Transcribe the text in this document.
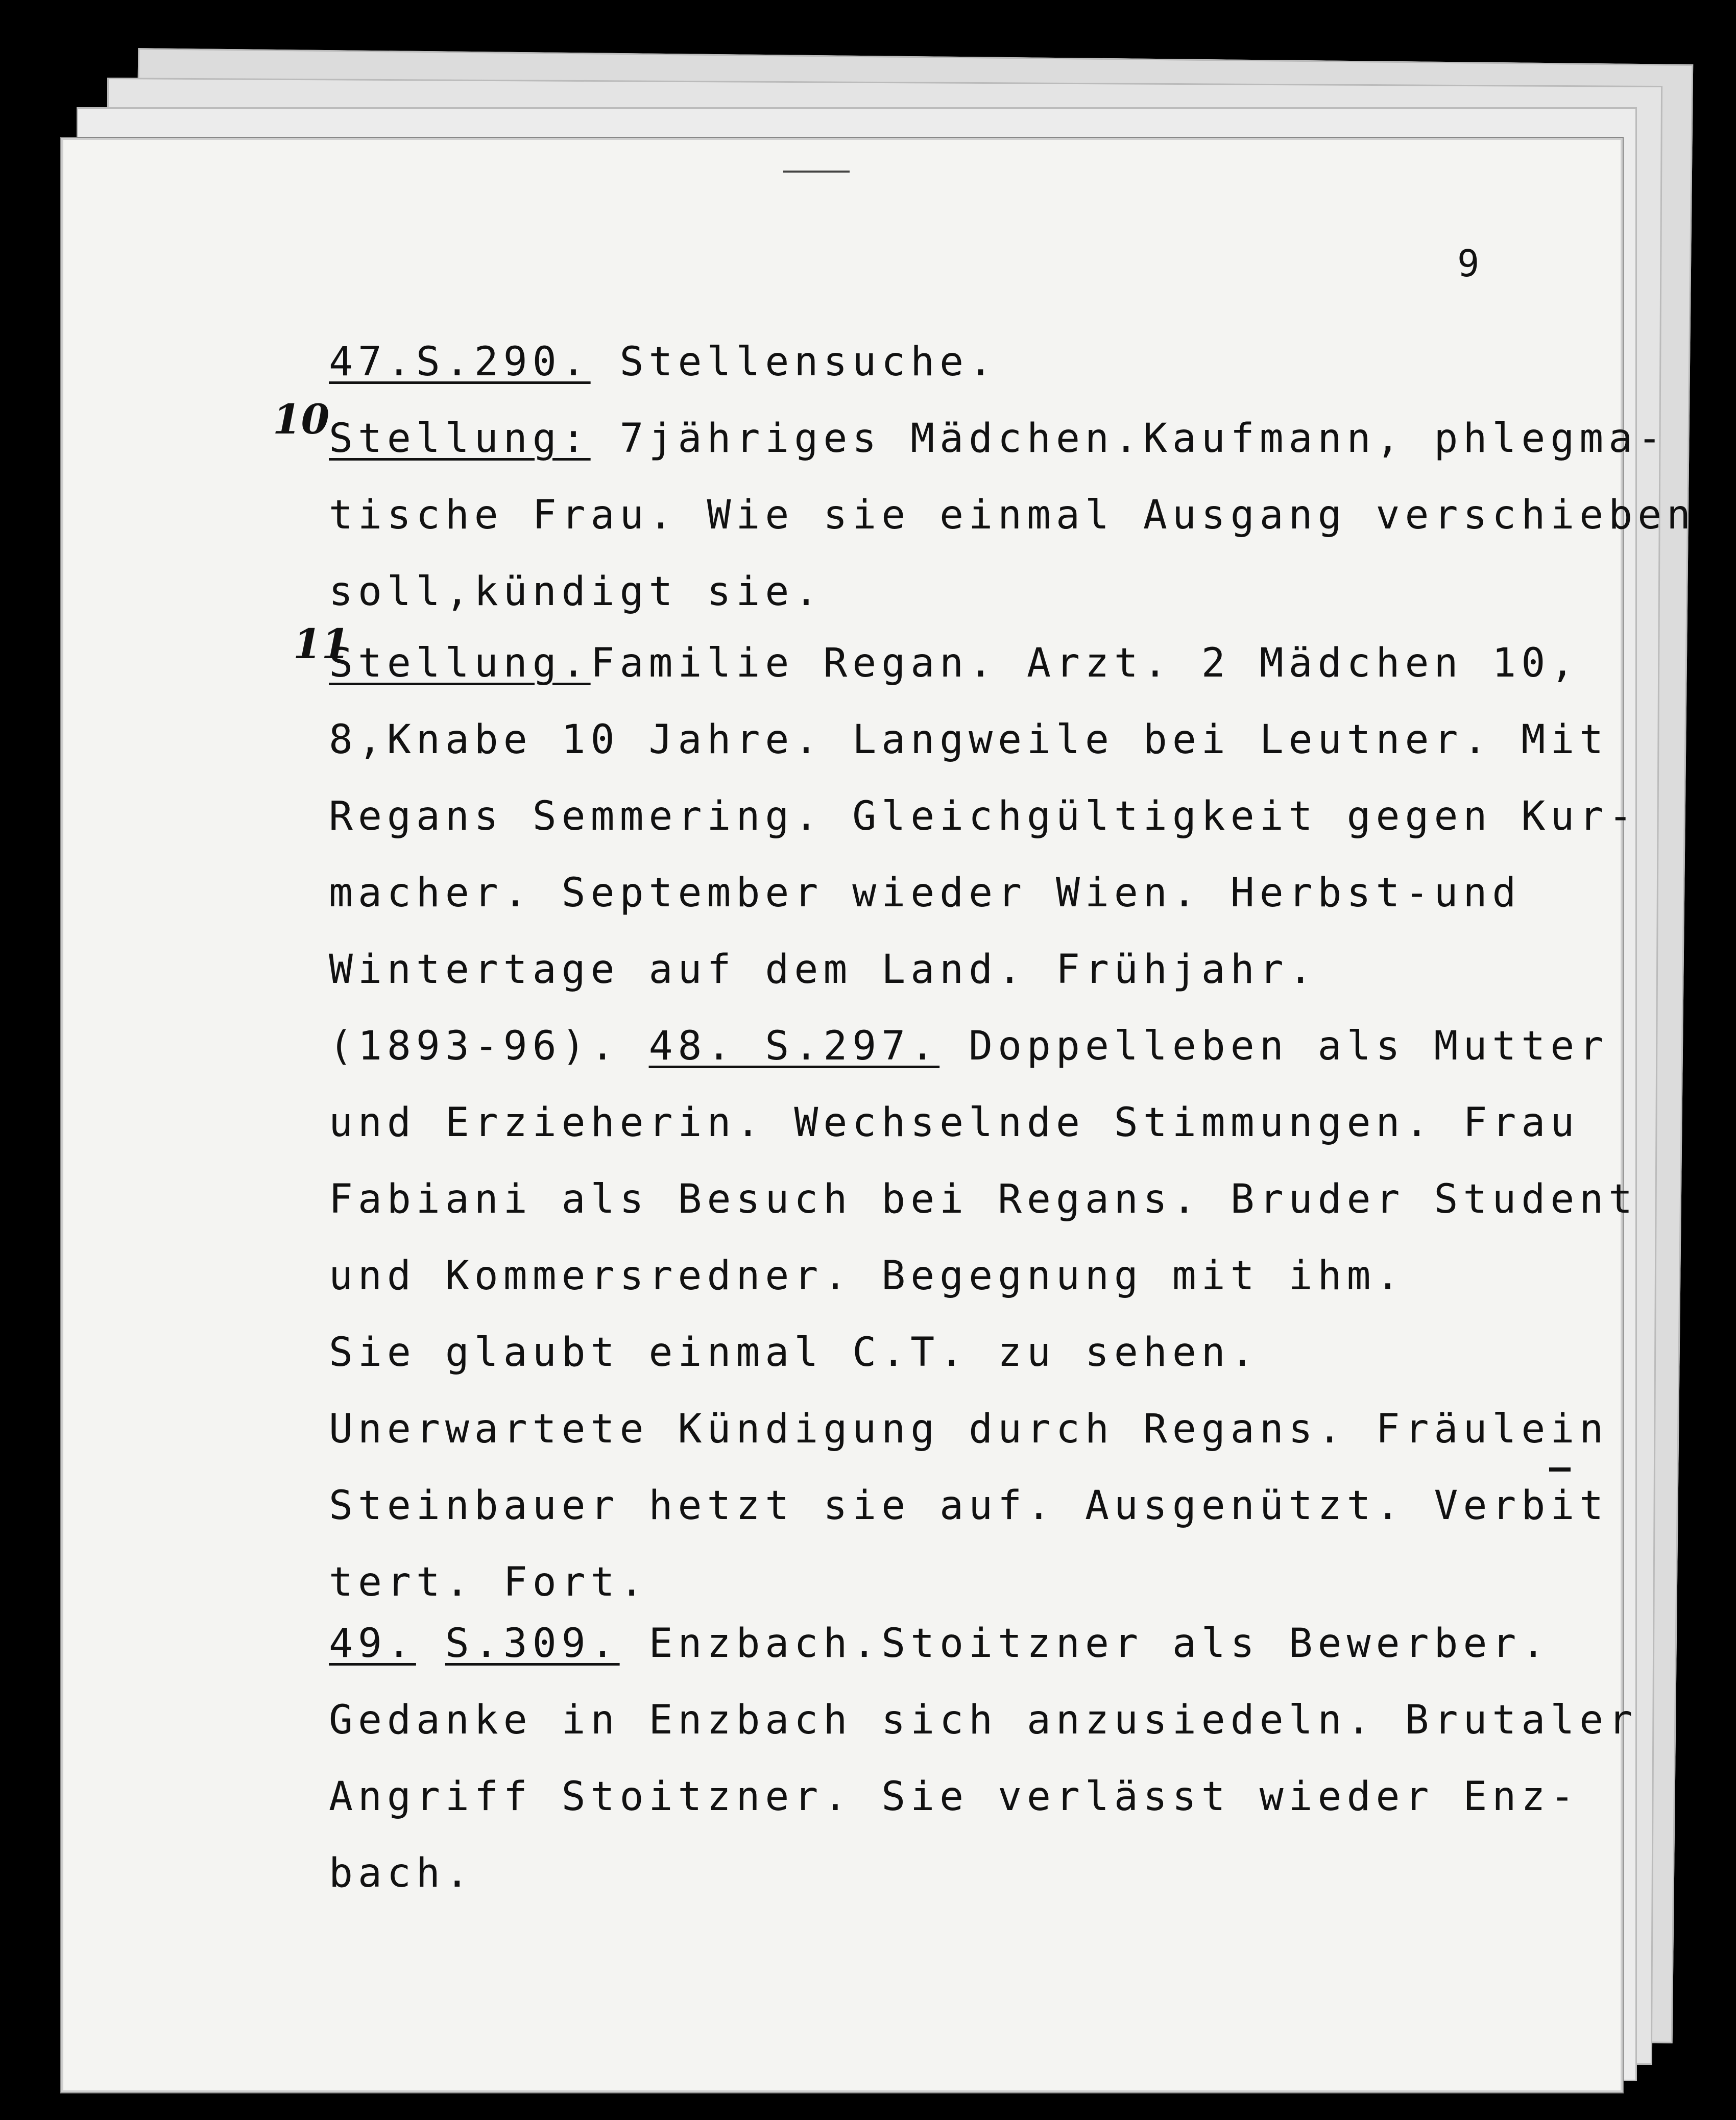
9
10
11
47.S.290. Stellensuche.
Stellung: 7jähriges Mädchen.Kaufmann, phlegma-
tische Frau. Wie sie einmal Ausgang verschieben
soll,kündigt sie.
Stellung.Familie Regan. Arzt. 2 Mädchen 10,
8,Knabe 10 Jahre. Langweile bei Leutner. Mit
Regans Semmering. Gleichgültigkeit gegen Kur-
macher. September wieder Wien. Herbst-und
Wintertage auf dem Land. Frühjahr.
(1893-96). 48. S.297. Doppelleben als Mutter
und Erzieherin. Wechselnde Stimmungen. Frau
Fabiani als Besuch bei Regans. Bruder Student
und Kommersredner. Begegnung mit ihm.
Sie glaubt einmal C.T. zu sehen.
Unerwartete Kündigung durch Regans. Fräulein
Steinbauer hetzt sie auf. Ausgenützt. Verbit
tert. Fort.
49. S.309. Enzbach.Stoitzner als Bewerber.
Gedanke in Enzbach sich anzusiedeln. Brutaler
Angriff Stoitzner. Sie verlässt wieder Enz-
bach.
